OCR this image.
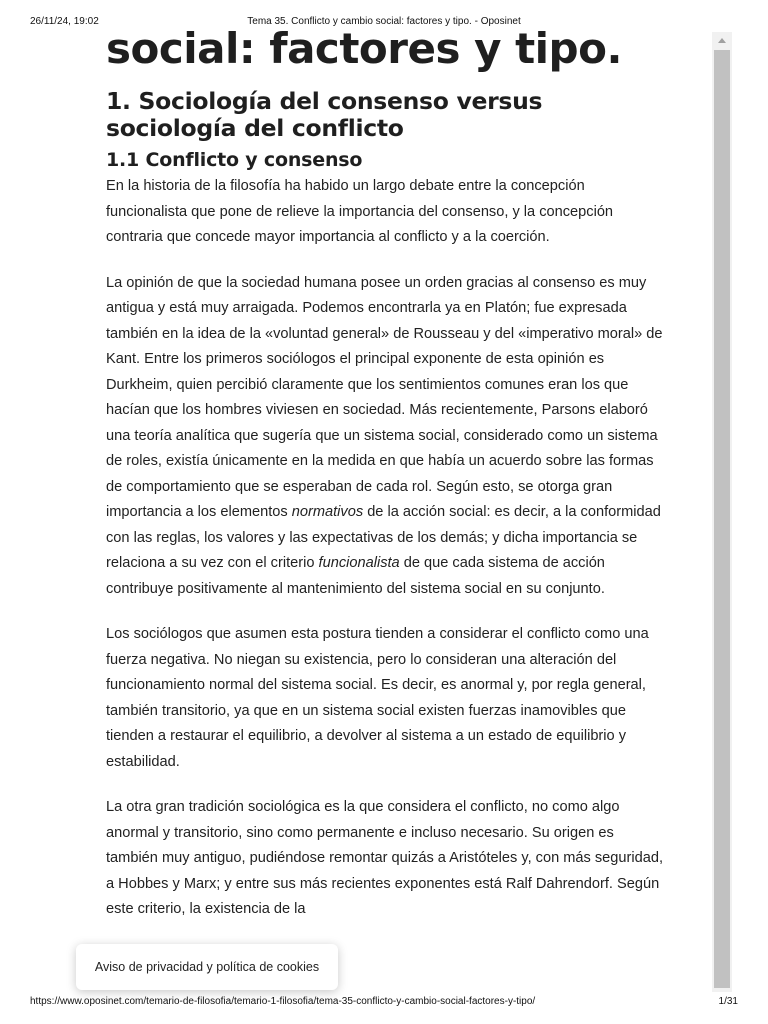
26/11/24, 19:02	Tema 35. Conflicto y cambio social: factores y tipo. - Oposinet
social: factores y tipo.
1. Sociología del consenso versus sociología del conflicto
1.1 Conflicto y consenso

En la historia de la filosofía ha habido un largo debate entre la concepción funcionalista que pone de relieve la importancia del consenso, y la concepción contraria que concede mayor importancia al conflicto y a la coerción.

La opinión de que la sociedad humana posee un orden gracias al consenso es muy antigua y está muy arraigada. Podemos encontrarla ya en Platón; fue expresada también en la idea de la «voluntad general» de Rousseau y del «imperativo moral» de Kant. Entre los primeros sociólogos el principal exponente de esta opinión es Durkheim, quien percibió claramente que los sentimientos comunes eran los que hacían que los hombres viviesen en sociedad. Más recientemente, Parsons elaboró una teoría analítica que sugería que un sistema social, considerado como un sistema de roles, existía únicamente en la medida en que había un acuerdo sobre las formas de comportamiento que se esperaban de cada rol. Según esto, se otorga gran importancia a los elementos normativos de la acción social: es decir, a la conformidad con las reglas, los valores y las expectativas de los demás; y dicha importancia se relaciona a su vez con el criterio funcionalista de que cada sistema de acción contribuye positivamente al mantenimiento del sistema social en su conjunto.

Los sociólogos que asumen esta postura tienden a considerar el conflicto como una fuerza negativa. No niegan su existencia, pero lo consideran una alteración del funcionamiento normal del sistema social. Es decir, es anormal y, por regla general, también transitorio, ya que en un sistema social existen fuerzas inamovibles que tienden a restaurar el equilibrio, a devolver al sistema a un estado de equilibrio y estabilidad.

La otra gran tradición sociológica es la que considera el conflicto, no como algo anormal y transitorio, sino como permanente e incluso necesario. Su origen es también muy antiguo, pudiéndose remontar quizás a Aristóteles y, con más seguridad, a Hobbes y Marx; y entre sus más recientes exponentes está Ralf Dahrendorf. Según este criterio, la existencia de la

Aviso de privacidad y política de cookies
https://www.oposinet.com/temario-de-filosofia/temario-1-filosofia/tema-35-conflicto-y-cambio-social-factores-y-tipo/	1/31
